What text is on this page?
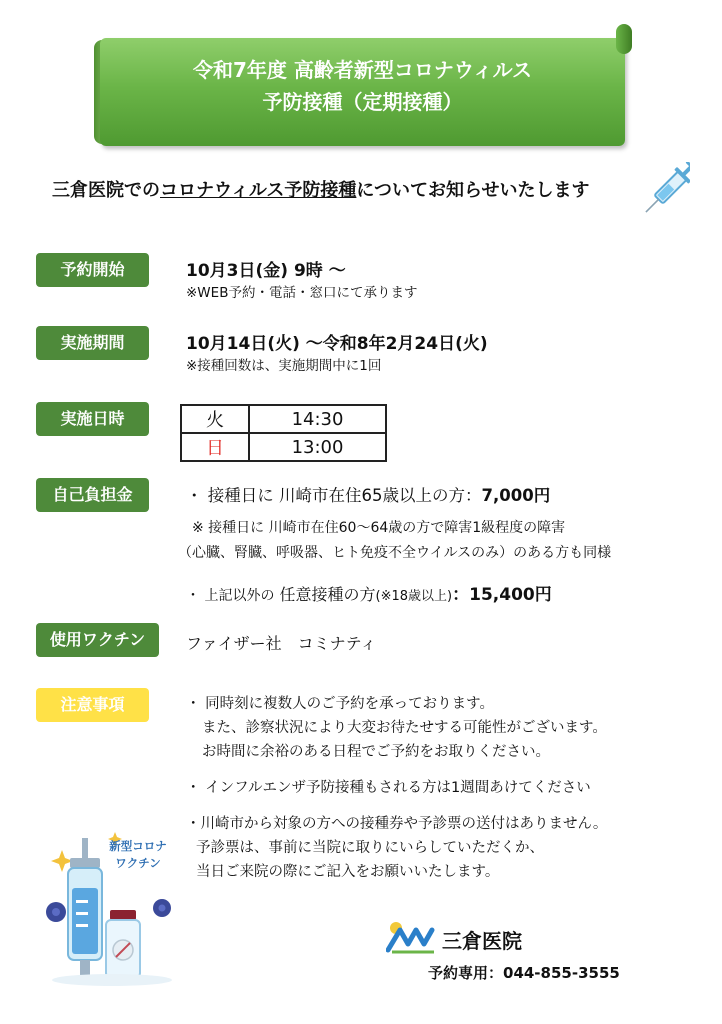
令和7年度 高齢者新型コロナウィルス
予防接種（定期接種）
三倉医院でのコロナウィルス予防接種についてお知らせいたします
予約開始	10月3日(金) 9時 ～
※WEB予約・電話・窓口にて承ります
実施期間	10月14日(火) ～令和8年2月24日(火)
※接種回数は、実施期間中に1回
実施日時	火	14:30
日	13:00
自己負担金	・ 接種日に 川崎市在住65歳以上の方：7,000円
※ 接種日に 川崎市在住60～64歳の方で障害1級程度の障害
（心臓、腎臓、呼吸器、ヒト免疫不全ウイルスのみ）のある方も同様
・ 上記以外の 任意接種の方(※18歳以上)：15,400円
使用ワクチン	ファイザー社　コミナティ
注意事項	・ 同時刻に複数人のご予約を承っております。
また、診察状況により大変お待たせする可能性がございます。
お時間に余裕のある日程でご予約をお取りください。
・ インフルエンザ予防接種もされる方は1週間あけてください
・川崎市から対象の方への接種券や予診票の送付はありません。
予診票は、事前に当院に取りにいらしていただくか、
当日ご来院の際にご記入をお願いいたします。
新型コロナ
ワクチン
三倉医院
予約専用：044-855-3555
